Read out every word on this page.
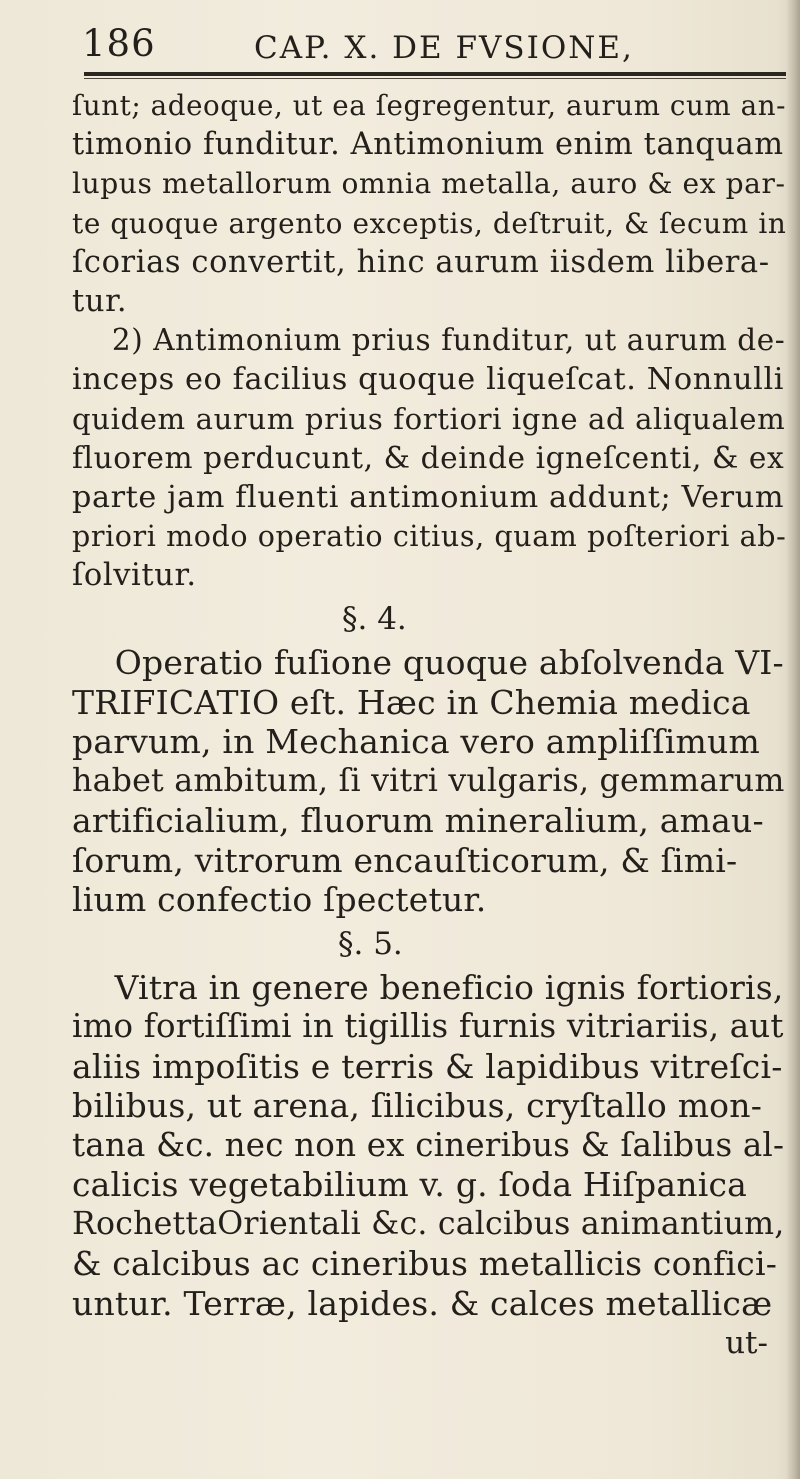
186	CAP. X. DE FVSIONE,
ſunt; adeoque, ut ea ſegregentur, aurum cum an-
timonio funditur. Antimonium enim tanquam
lupus metallorum omnia metalla, auro & ex par-
te quoque argento exceptis, deſtruit, & ſecum in
ſcorias convertit, hinc aurum iisdem libera-
tur.
2) Antimonium prius funditur, ut aurum de-
inceps eo facilius quoque liqueſcat. Nonnulli
quidem aurum prius fortiori igne ad aliqualem
fluorem perducunt, & deinde igneſcenti, & ex
parte jam fluenti antimonium addunt; Verum
priori modo operatio citius, quam poſteriori ab-
ſolvitur.
§. 4.
Operatio fuſione quoque abſolvenda VI-
TRIFICATIO eſt. Hæc in Chemia medica
parvum, in Mechanica vero ampliſſimum
habet ambitum, ſi vitri vulgaris, gemmarum
artificialium, fluorum mineralium, amau-
ſorum, vitrorum encauſticorum, & ſimi-
lium confectio ſpectetur.
§. 5.
Vitra in genere beneficio ignis fortioris,
imo fortiſſimi in tigillis furnis vitriariis, aut
aliis impoſitis e terris & lapidibus vitreſci-
bilibus, ut arena, ſilicibus, cryſtallo mon-
tana &c. nec non ex cineribus & ſalibus al-
calicis vegetabilium v. g. ſoda Hiſpanica
RochettaOrientali &c. calcibus animantium,
& calcibus ac cineribus metallicis confici-
untur. Terræ, lapides. & calces metallicæ
ut-
